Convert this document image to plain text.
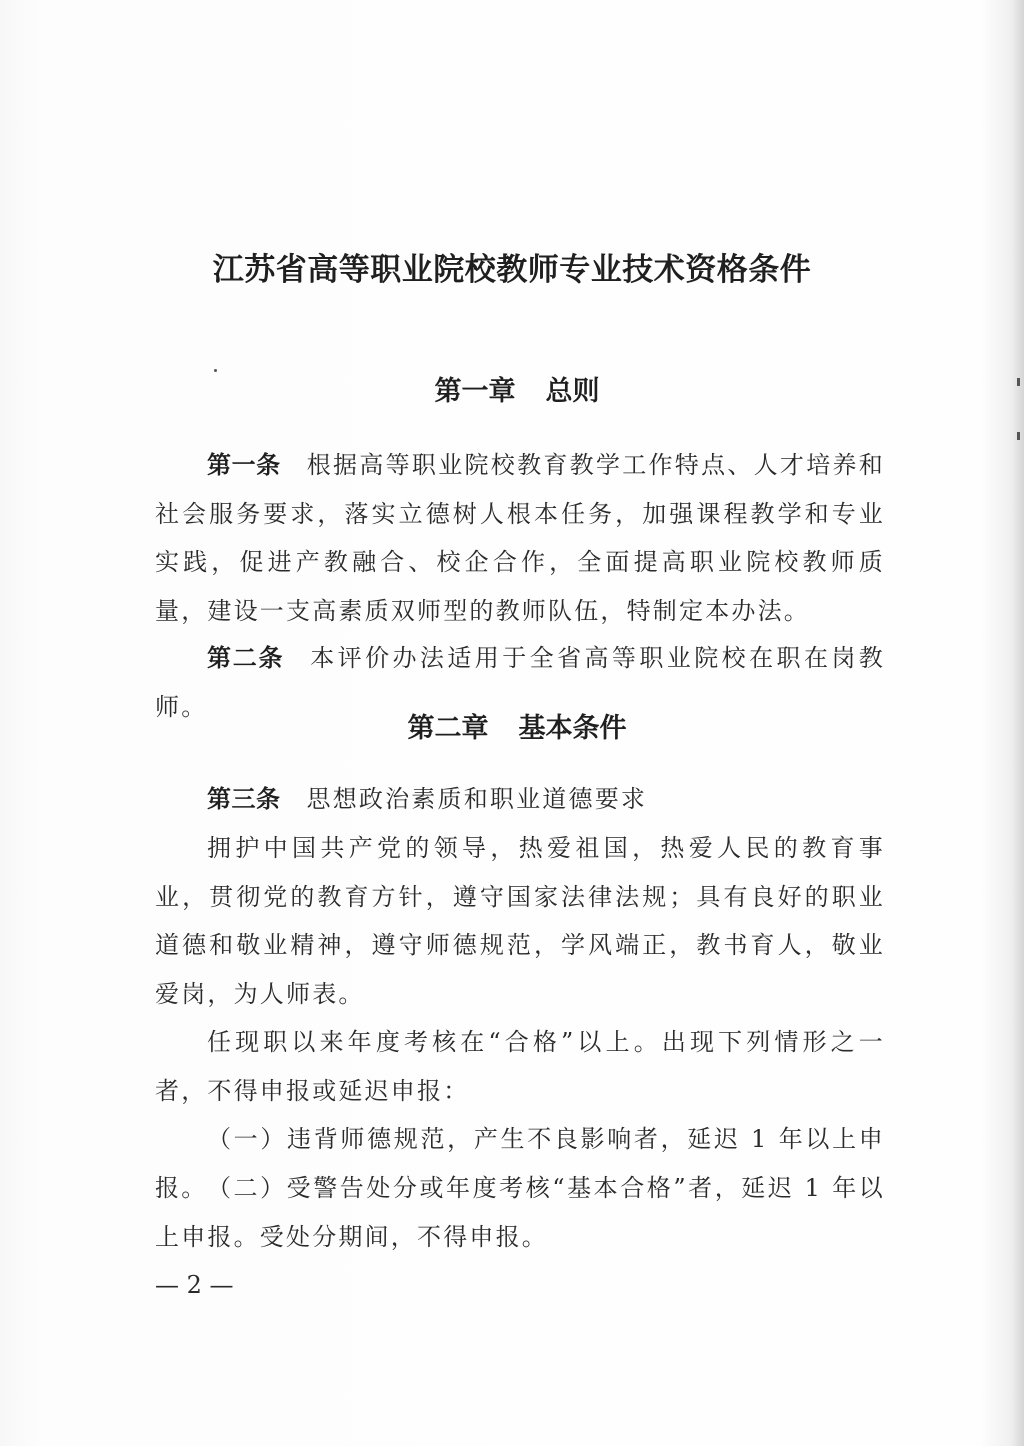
江苏省高等职业院校教师专业技术资格条件
第一章 总则

第一条 根据高等职业院校教育教学工作特点、人才培养和社会服务要求，落实立德树人根本任务，加强课程教学和专业实践，促进产教融合、校企合作，全面提高职业院校教师质量，建设一支高素质双师型的教师队伍，特制定本办法。

第二条 本评价办法适用于全省高等职业院校在职在岗教师。

第二章 基本条件

第三条 思想政治素质和职业道德要求

拥护中国共产党的领导，热爱祖国，热爱人民的教育事业，贯彻党的教育方针，遵守国家法律法规；具有良好的职业道德和敬业精神，遵守师德规范，学风端正，教书育人，敬业爱岗，为人师表。

任现职以来年度考核在“合格”以上。出现下列情形之一者，不得申报或延迟申报：

（一）违背师德规范，产生不良影响者，延迟 1 年以上申报。 （二）受警告处分或年度考核“基本合格”者，延迟 1 年以上申报。受处分期间，不得申报。

— 2 —
